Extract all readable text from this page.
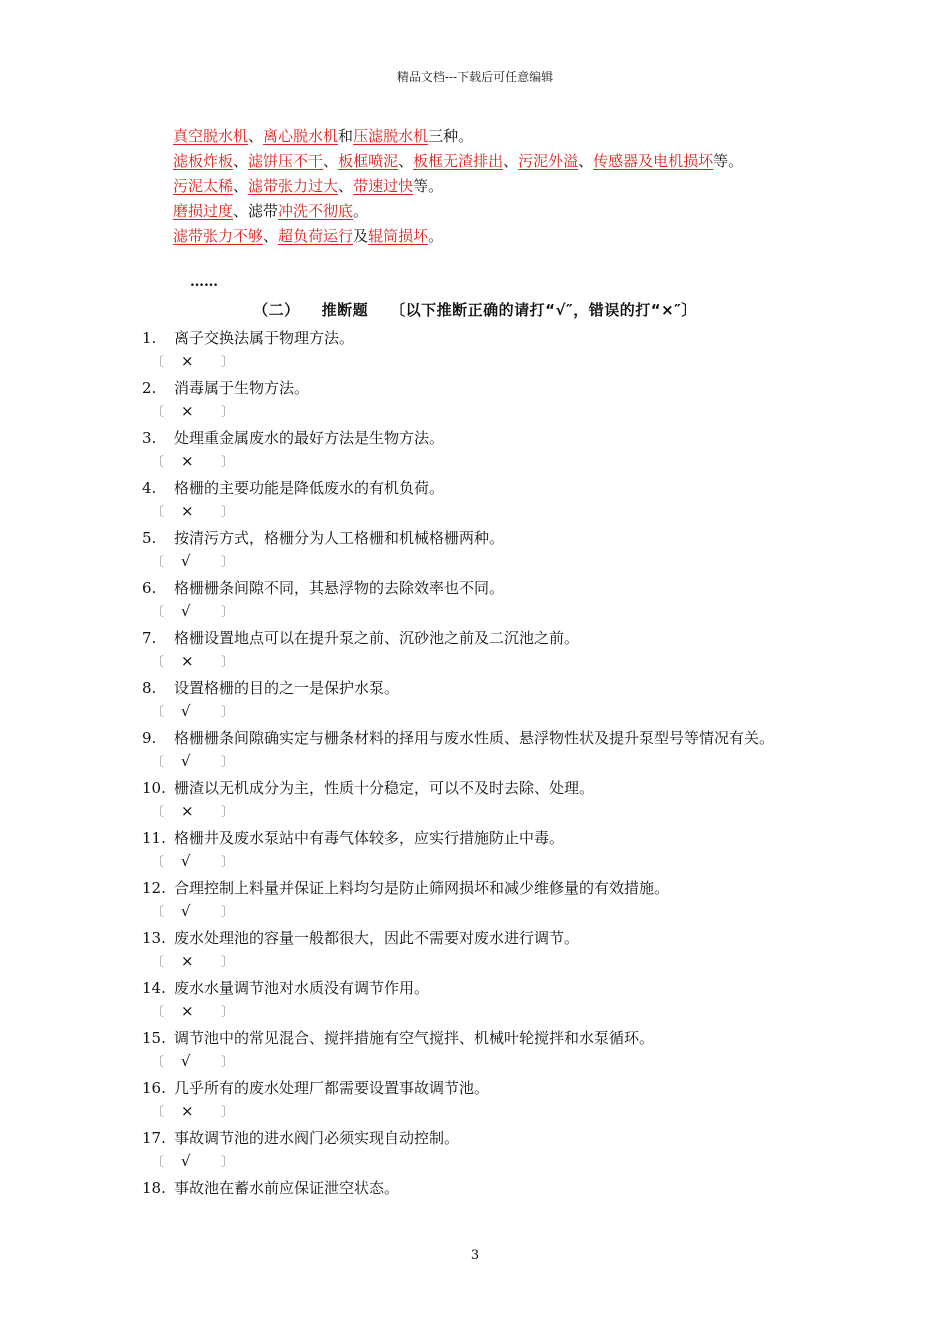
精品文档---下载后可任意编辑
真空脱水机、离心脱水机和压滤脱水机三种。
滤板炸板、滤饼压不干、板框喷泥、板框无渣排出、污泥外溢、传感器及电机损坏等。
污泥太稀、滤带张力过大、带速过快等。
磨损过度、滤带冲洗不彻底。
滤带张力不够、超负荷运行及辊筒损坏。
……
（二） 推断题 〔以下推断正确的请打“√″，错误的打“×″〕
1.	离子交换法属于物理方法。
〔 × 〕
2.	消毒属于生物方法。
〔 × 〕
3.	处理重金属废水的最好方法是生物方法。
〔 × 〕
4.	格栅的主要功能是降低废水的有机负荷。
〔 × 〕
5.	按清污方式，格栅分为人工格栅和机械格栅两种。
〔 √ 〕
6.	格栅栅条间隙不同，其悬浮物的去除效率也不同。
〔 √ 〕
7.	格栅设置地点可以在提升泵之前、沉砂池之前及二沉池之前。
〔 × 〕
8.	设置格栅的目的之一是保护水泵。
〔 √ 〕
9.	格栅栅条间隙确实定与栅条材料的择用与废水性质、悬浮物性状及提升泵型号等情况有关。
〔 √ 〕
10. 栅渣以无机成分为主，性质十分稳定，可以不及时去除、处理。
〔 × 〕
11. 格栅井及废水泵站中有毒气体较多，应实行措施防止中毒。
〔 √ 〕
12. 合理控制上料量并保证上料均匀是防止筛网损坏和减少维修量的有效措施。
〔 √ 〕
13. 废水处理池的容量一般都很大，因此不需要对废水进行调节。
〔 × 〕
14. 废水水量调节池对水质没有调节作用。
〔 × 〕
15. 调节池中的常见混合、搅拌措施有空气搅拌、机械叶轮搅拌和水泵循环。
〔 √ 〕
16. 几乎所有的废水处理厂都需要设置事故调节池。
〔 × 〕
17. 事故调节池的进水阀门必须实现自动控制。
〔 √ 〕
18. 事故池在蓄水前应保证泄空状态。
3
